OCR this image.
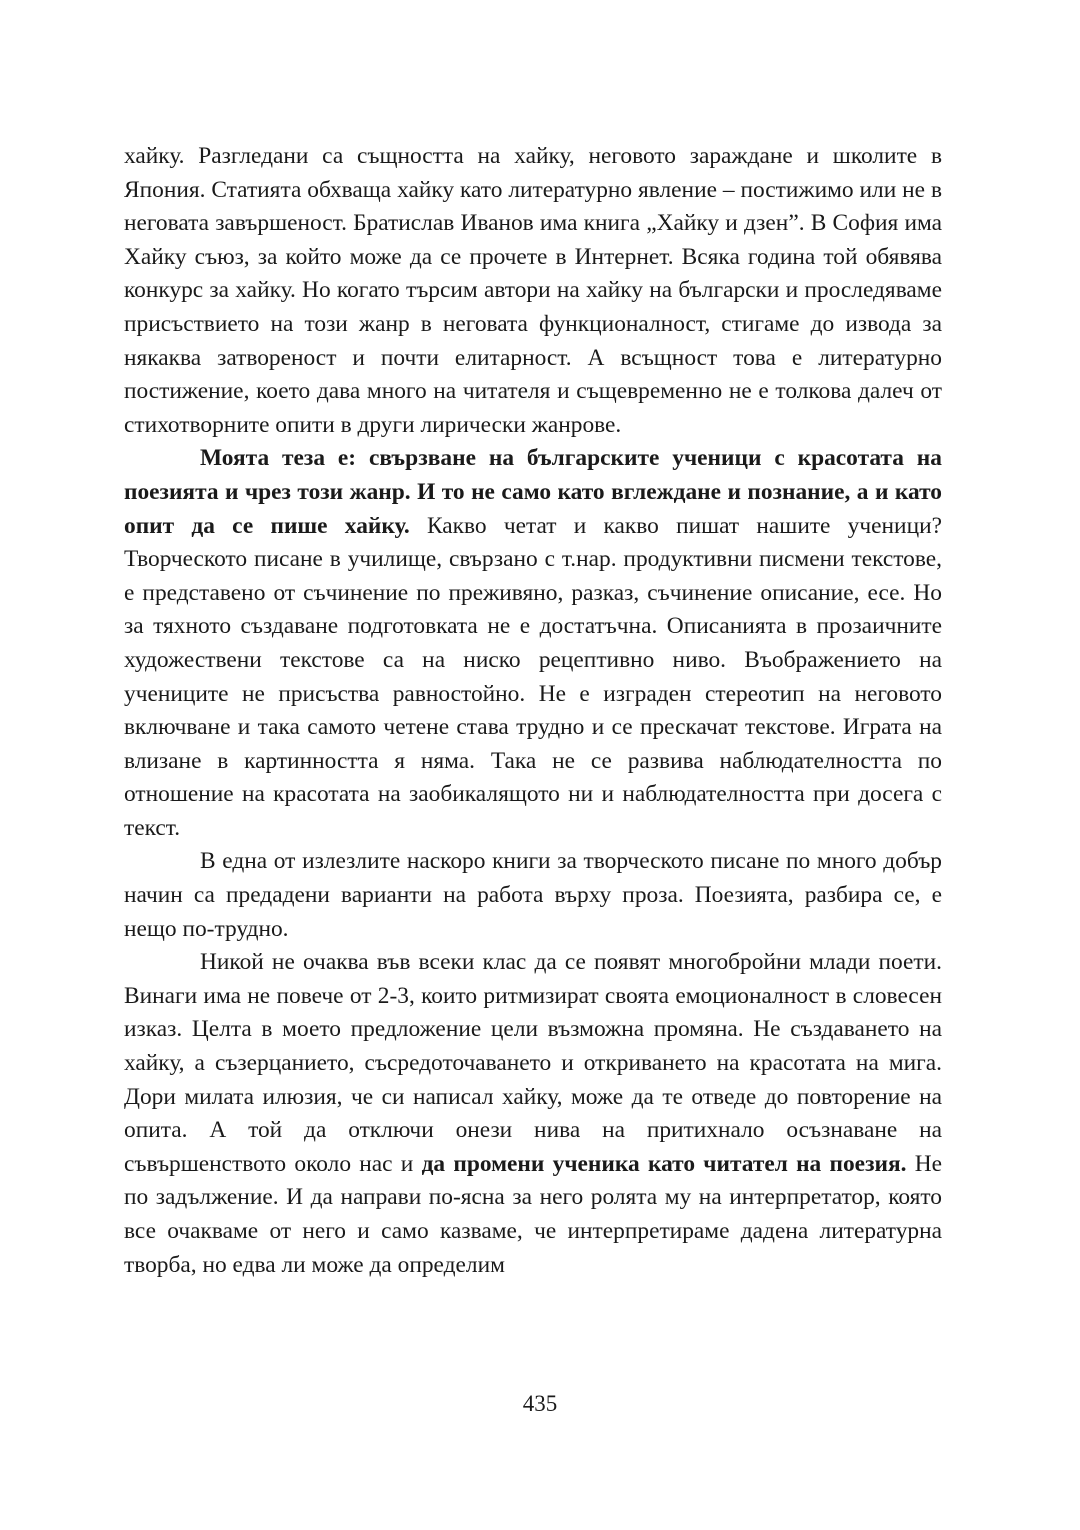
хайку. Разгледани са същността на хайку, неговото зараждане и школите в Япония. Статията обхваща хайку като литературно явление – постижимо или не в неговата завършеност. Братислав Иванов има книга „Хайку и дзен”. В София има Хайку съюз, за който може да се прочете в Интернет. Всяка година той обявява конкурс за хайку. Но когато търсим автори на хайку на български и проследяваме присъствието на този жанр в неговата функционалност, стигаме до извода за някаква затвореност и почти елитарност. А всъщност това е литературно постижение, което дава много на читателя и същевременно не е толкова далеч от стихотворните опити в други лирически жанрове.

Моята теза е: свързване на българските ученици с красотата на поезията и чрез този жанр. И то не само като вглеждане и познание, а и като опит да се пише хайку. Какво четат и какво пишат нашите ученици? Творческото писане в училище, свързано с т.нар. продуктивни писмени текстове, е представено от съчинение по преживяно, разказ, съчинение описание, есе. Но за тяхното създаване подготовката не е достатъчна. Описанията в прозаичните художествени текстове са на ниско рецептивно ниво. Въображението на учениците не присъства равностойно. Не е изграден стереотип на неговото включване и така самото четене става трудно и се прескачат текстове. Играта на влизане в картинността я няма. Така не се развива наблюдателността по отношение на красотата на заобикалящото ни и наблюдателността при досега с текст.

В една от излезлите наскоро книги за творческото писане по много добър начин са предадени варианти на работа върху проза. Поезията, разбира се, е нещо по-трудно.

Никой не очаква във всеки клас да се появят многобройни млади поети. Винаги има не повече от 2-3, които ритмизират своята емоционалност в словесен изказ. Целта в моето предложение цели възможна промяна. Не създаването на хайку, а съзерцанието, съсредоточаването и откриването на красотата на мига. Дори милата илюзия, че си написал хайку, може да те отведе до повторение на опита. А той да отключи онези нива на притихнало осъзнаване на съвършенството около нас и да промени ученика като читател на поезия. Не по задължение. И да направи по-ясна за него ролята му на интерпретатор, която все очакваме от него и само казваме, че интерпретираме дадена литературна творба, но едва ли може да определим

435
